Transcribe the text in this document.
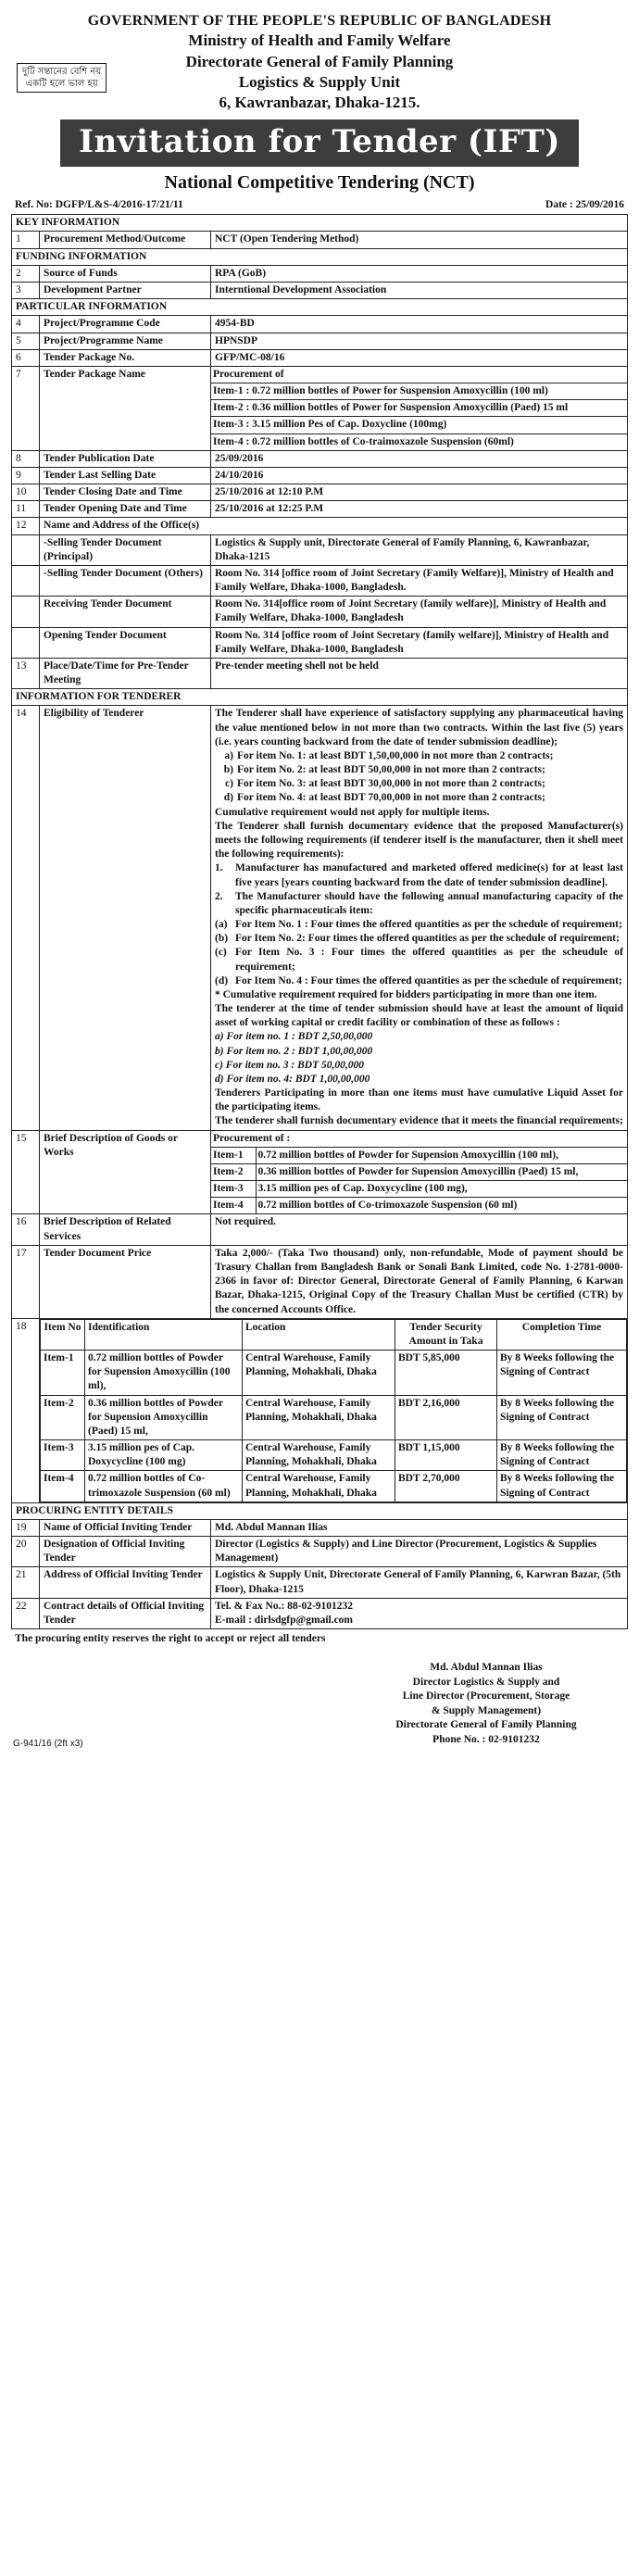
GOVERNMENT OF THE PEOPLE'S REPUBLIC OF BANGLADESH
Ministry of Health and Family Welfare
Directorate General of Family Planning
Logistics & Supply Unit
6, Kawranbazar, Dhaka-1215.
দুটি সন্তানের বেশি নয়
একটি হলে ভাল হয়
Invitation for Tender (IFT)
National Competitive Tendering (NCT)
Ref. No: DGFP/L&S-4/2016-17/21/11	Date : 25/09/2016
KEY INFORMATION
1	Procurement Method/Outcome	NCT (Open Tendering Method)
FUNDING INFORMATION
2	Source of Funds	RPA (GoB)
3	Development Partner	Interntional Development Association
PARTICULAR INFORMATION
4	Project/Programme Code	4954-BD
5	Project/Programme Name	HPNSDP
6	Tender Package No.	GFP/MC-08/16
7	Tender Package Name	Procurement of
Item-1 : 0.72 million bottles of Power for Suspension Amoxycillin (100 ml)
Item-2 : 0.36 million bottles of Power for Suspension Amoxycillin (Paed) 15 ml
Item-3 : 3.15 million Pes of Cap. Doxycline (100mg)
Item-4 : 0.72 million bottles of Co-traimoxazole Suspension (60ml)

8	Tender Publication Date	25/09/2016
9	Tender Last Selling Date	24/10/2016
10	Tender Closing Date and Time	25/10/2016 at 12:10 P.M
11	Tender Opening Date and Time	25/10/2016 at 12:25 P.M
12	Name and Address of the Office(s)
	-Selling Tender Document (Principal)	Logistics & Supply unit, Directorate General of Family Planning, 6, Kawranbazar, Dhaka-1215
	-Selling Tender Document (Others)	Room No. 314 [office room of Joint Secretary (Family Welfare)], Ministry of Health and Family Welfare, Dhaka-1000, Bangladesh.
	Receiving Tender Document	Room No. 314[office room of Joint Secretary (family welfare)], Ministry of Health and Family Welfare, Dhaka-1000, Bangladesh
	Opening Tender Document	Room No. 314 [office room of Joint Secretary (family welfare)], Ministry of Health and Family Welfare, Dhaka-1000, Bangladesh
13	Place/Date/Time for Pre-Tender Meeting	Pre-tender meeting shell not be held
INFORMATION FOR TENDERER
14	Eligibility of Tenderer	The Tenderer shall have experience of satisfactory supplying any pharmaceutical having the value mentioned below in not more than two contracts. Within the last five (5) years (i.e. years counting backward from the date of tender submission deadline);
a) For item No. 1: at least BDT 1,50,00,000 in not more than 2 contracts;
b) For item No. 2: at least BDT 50,00,000 in not more than 2 contracts;
c) For item No. 3: at least BDT 30,00,000 in not more than 2 contracts;
d) For item No. 4: at least BDT 70,00,000 in not more than 2 contracts;
Cumulative requirement would not apply for multiple items.
The Tenderer shall furnish documentary evidence that the proposed Manufacturer(s) meets the following requirements (if tenderer itself is the manufacturer, then it shell meet the following requirements):
1.	Manufacturer has manufactured and marketed offered medicine(s) for at least last five years [years counting backward from the date of tender submission deadline].
2.	The Manufacturer should have the following annual manufacturing capacity of the specific pharmaceuticals item:
(a) For Item No. 1 : Four times the offered quantities as per the schedule of requirement;
(b) For Item No. 2: Four times the offered quantities as per the schedule of requirement;
(c) For Item No. 3 : Four times the offered quantities as per the scheudule of requirement;
(d) For Item No. 4 : Four times the offered quantities as per the schedule of requirement;
* Cumulative requirement required for bidders participating in more than one item.
The tenderer at the time of tender submission should have at least the amount of liquid asset of working capital or credit facility or combination of these as follows :
a) For item no. 1 : BDT 2,50,00,000
b) For item no. 2 : BDT 1,00,00,000
c) For item no. 3 : BDT 50,00,000
d) For item no. 4: BDT 1,00,00,000
Tenderers Participating in more than one items must have cumulative Liquid Asset for the participating items.
The tenderer shall furnish documentary evidence that it meets the financial requirements;

15	Brief Description of Goods or Works	
Procurement of :
Item-1	0.72 million bottles of Powder for Supension Amoxycillin (100 ml),
Item-2	0.36 million bottles of Powder for Supension Amoxycillin (Paed) 15 ml,
Item-3	3.15 million pes of Cap. Doxycycline (100 mg),
Item-4	0.72 million bottles of Co-trimoxazole Suspension (60 ml)

16	Brief Description of Related Services	Not required.
17	Tender Document Price	Taka 2,000/- (Taka Two thousand) only, non-refundable, Mode of payment should be Trasury Challan from Bangladesh Bank or Sonali Bank Limited, code No. 1-2781-0000-2366 in favor of: Director General, Directorate General of Family Planning, 6 Karwan Bazar, Dhaka-1215, Original Copy of the Treasury Challan Must be certified (CTR) by the concerned Accounts Office.
18	Item No	Identification	Location	Tender Security Amount in Taka	Completion Time
Item-1	0.72 million bottles of Powder for Supension Amoxycillin (100 ml),	Central Warehouse, Family Planning, Mohakhali, Dhaka	BDT 5,85,000	By 8 Weeks following the Signing of Contract
Item-2	0.36 million bottles of Powder for Supension Amoxycillin (Paed) 15 ml,	Central Warehouse, Family Planning, Mohakhali, Dhaka	BDT 2,16,000	By 8 Weeks following the Signing of Contract
Item-3	3.15 million pes of Cap. Doxycycline (100 mg)	Central Warehouse, Family Planning, Mohakhali, Dhaka	BDT 1,15,000	By 8 Weeks following the Signing of Contract
Item-4	0.72 million bottles of Co-trimoxazole Suspension (60 ml)	Central Warehouse, Family Planning, Mohakhali, Dhaka	BDT 2,70,000	By 8 Weeks following the Signing of Contract

PROCURING ENTITY DETAILS
19	Name of Official Inviting Tender	Md. Abdul Mannan Ilias
20	Designation of Official Inviting Tender	Director (Logistics & Supply) and Line Director (Procurement, Logistics & Supplies Management)
21	Address of Official Inviting Tender	Logistics & Supply Unit, Directorate General of Family Planning, 6, Karwran Bazar, (5th Floor), Dhaka-1215
22	Contract details of Official Inviting Tender	
Tel. & Fax No.: 88-02-9101232
E-mail : dirlsdgfp@gmail.com
The procuring entity reserves the right to accept or reject all tenders
Md. Abdul Mannan Ilias
Director Logistics & Supply and
Line Director (Procurement, Storage
& Supply Management)
Directorate General of Family Planning
Phone No. : 02-9101232
G-941/16 (2ft x3)
